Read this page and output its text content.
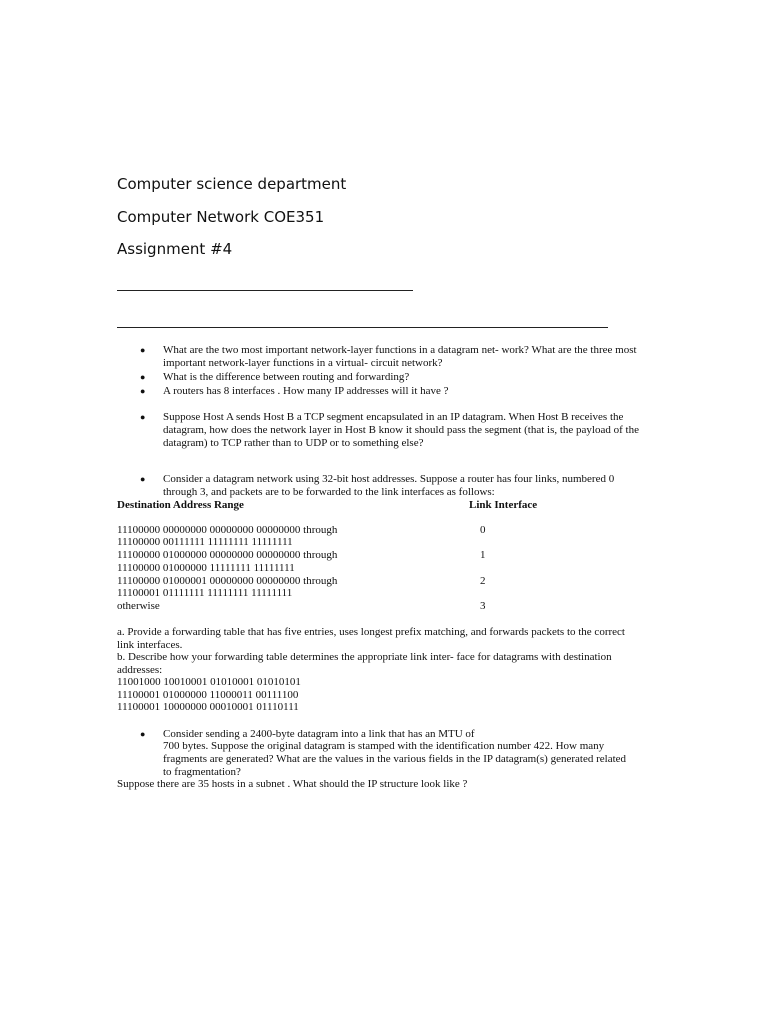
Computer science department
Computer Network COE351
Assignment #4
● What are the two most important network-layer functions in a datagram net- work? What are the three most important network-layer functions in a virtual- circuit network?
● What is the difference between routing and forwarding?
● A routers has 8 interfaces . How many IP addresses will it have ?
● Suppose Host A sends Host B a TCP segment encapsulated in an IP datagram. When Host B receives the datagram, how does the network layer in Host B know it should pass the segment (that is, the payload of the datagram) to TCP rather than to UDP or to something else?
● Consider a datagram network using 32-bit host addresses. Suppose a router has four links, numbered 0 through 3, and packets are to be forwarded to the link interfaces as follows:
Destination Address Range	Link Interface
11100000 00000000 00000000 00000000 through
11100000 00111111 11111111 11111111
0
11100000 01000000 00000000 00000000 through
11100000 01000000 11111111 11111111
1
11100000 01000001 00000000 00000000 through
11100001 01111111 11111111 11111111
2
otherwise	3
a. Provide a forwarding table that has five entries, uses longest prefix matching, and forwards packets to the correct link interfaces.
b. Describe how your forwarding table determines the appropriate link inter- face for datagrams with destination addresses:
11001000 10010001 01010001 01010101
11100001 01000000 11000011 00111100
11100001 10000000 00010001 01110111
● Consider sending a 2400-byte datagram into a link that has an MTU of
700 bytes. Suppose the original datagram is stamped with the identification number 422. How many fragments are generated? What are the values in the various fields in the IP datagram(s) generated related to fragmentation?
Suppose there are 35 hosts in a subnet . What should the IP structure look like ?
